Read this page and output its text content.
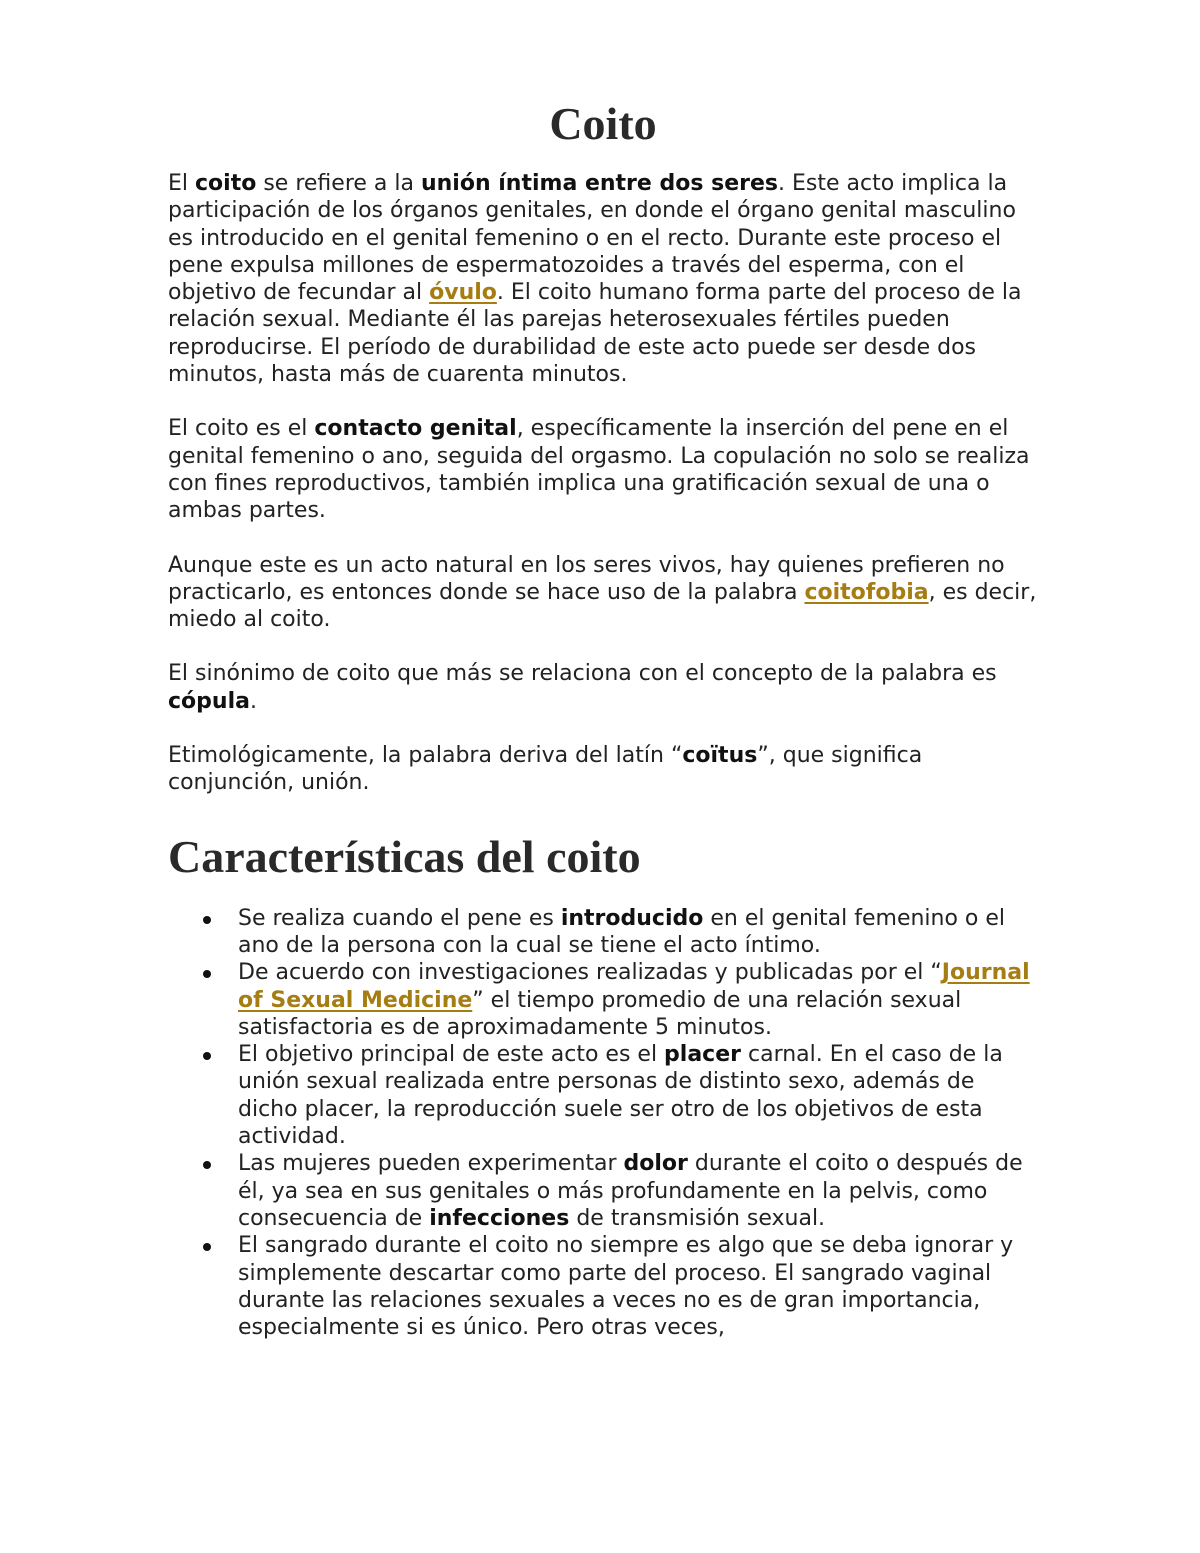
Coito

El coito se refiere a la unión íntima entre dos seres. Este acto implica la participación de los órganos genitales, en donde el órgano genital masculino es introducido en el genital femenino o en el recto. Durante este proceso el pene expulsa millones de espermatozoides a través del esperma, con el objetivo de fecundar al óvulo. El coito humano forma parte del proceso de la relación sexual. Mediante él las parejas heterosexuales fértiles pueden reproducirse. El período de durabilidad de este acto puede ser desde dos minutos, hasta más de cuarenta minutos.

El coito es el contacto genital, específicamente la inserción del pene en el genital femenino o ano, seguida del orgasmo. La copulación no solo se realiza con fines reproductivos, también implica una gratificación sexual de una o ambas partes.

Aunque este es un acto natural en los seres vivos, hay quienes prefieren no practicarlo, es entonces donde se hace uso de la palabra coitofobia, es decir, miedo al coito.

El sinónimo de coito que más se relaciona con el concepto de la palabra es cópula.

Etimológicamente, la palabra deriva del latín “coïtus”, que significa conjunción, unión.

Características del coito
Se realiza cuando el pene es introducido en el genital femenino o el ano de la persona con la cual se tiene el acto íntimo.
De acuerdo con investigaciones realizadas y publicadas por el “Journal of Sexual Medicine” el tiempo promedio de una relación sexual satisfactoria es de aproximadamente 5 minutos.
El objetivo principal de este acto es el placer carnal. En el caso de la unión sexual realizada entre personas de distinto sexo, además de dicho placer, la reproducción suele ser otro de los objetivos de esta actividad.
Las mujeres pueden experimentar dolor durante el coito o después de él, ya sea en sus genitales o más profundamente en la pelvis, como consecuencia de infecciones de transmisión sexual.
El sangrado durante el coito no siempre es algo que se deba ignorar y simplemente descartar como parte del proceso. El sangrado vaginal durante las relaciones sexuales a veces no es de gran importancia, especialmente si es único. Pero otras veces,
